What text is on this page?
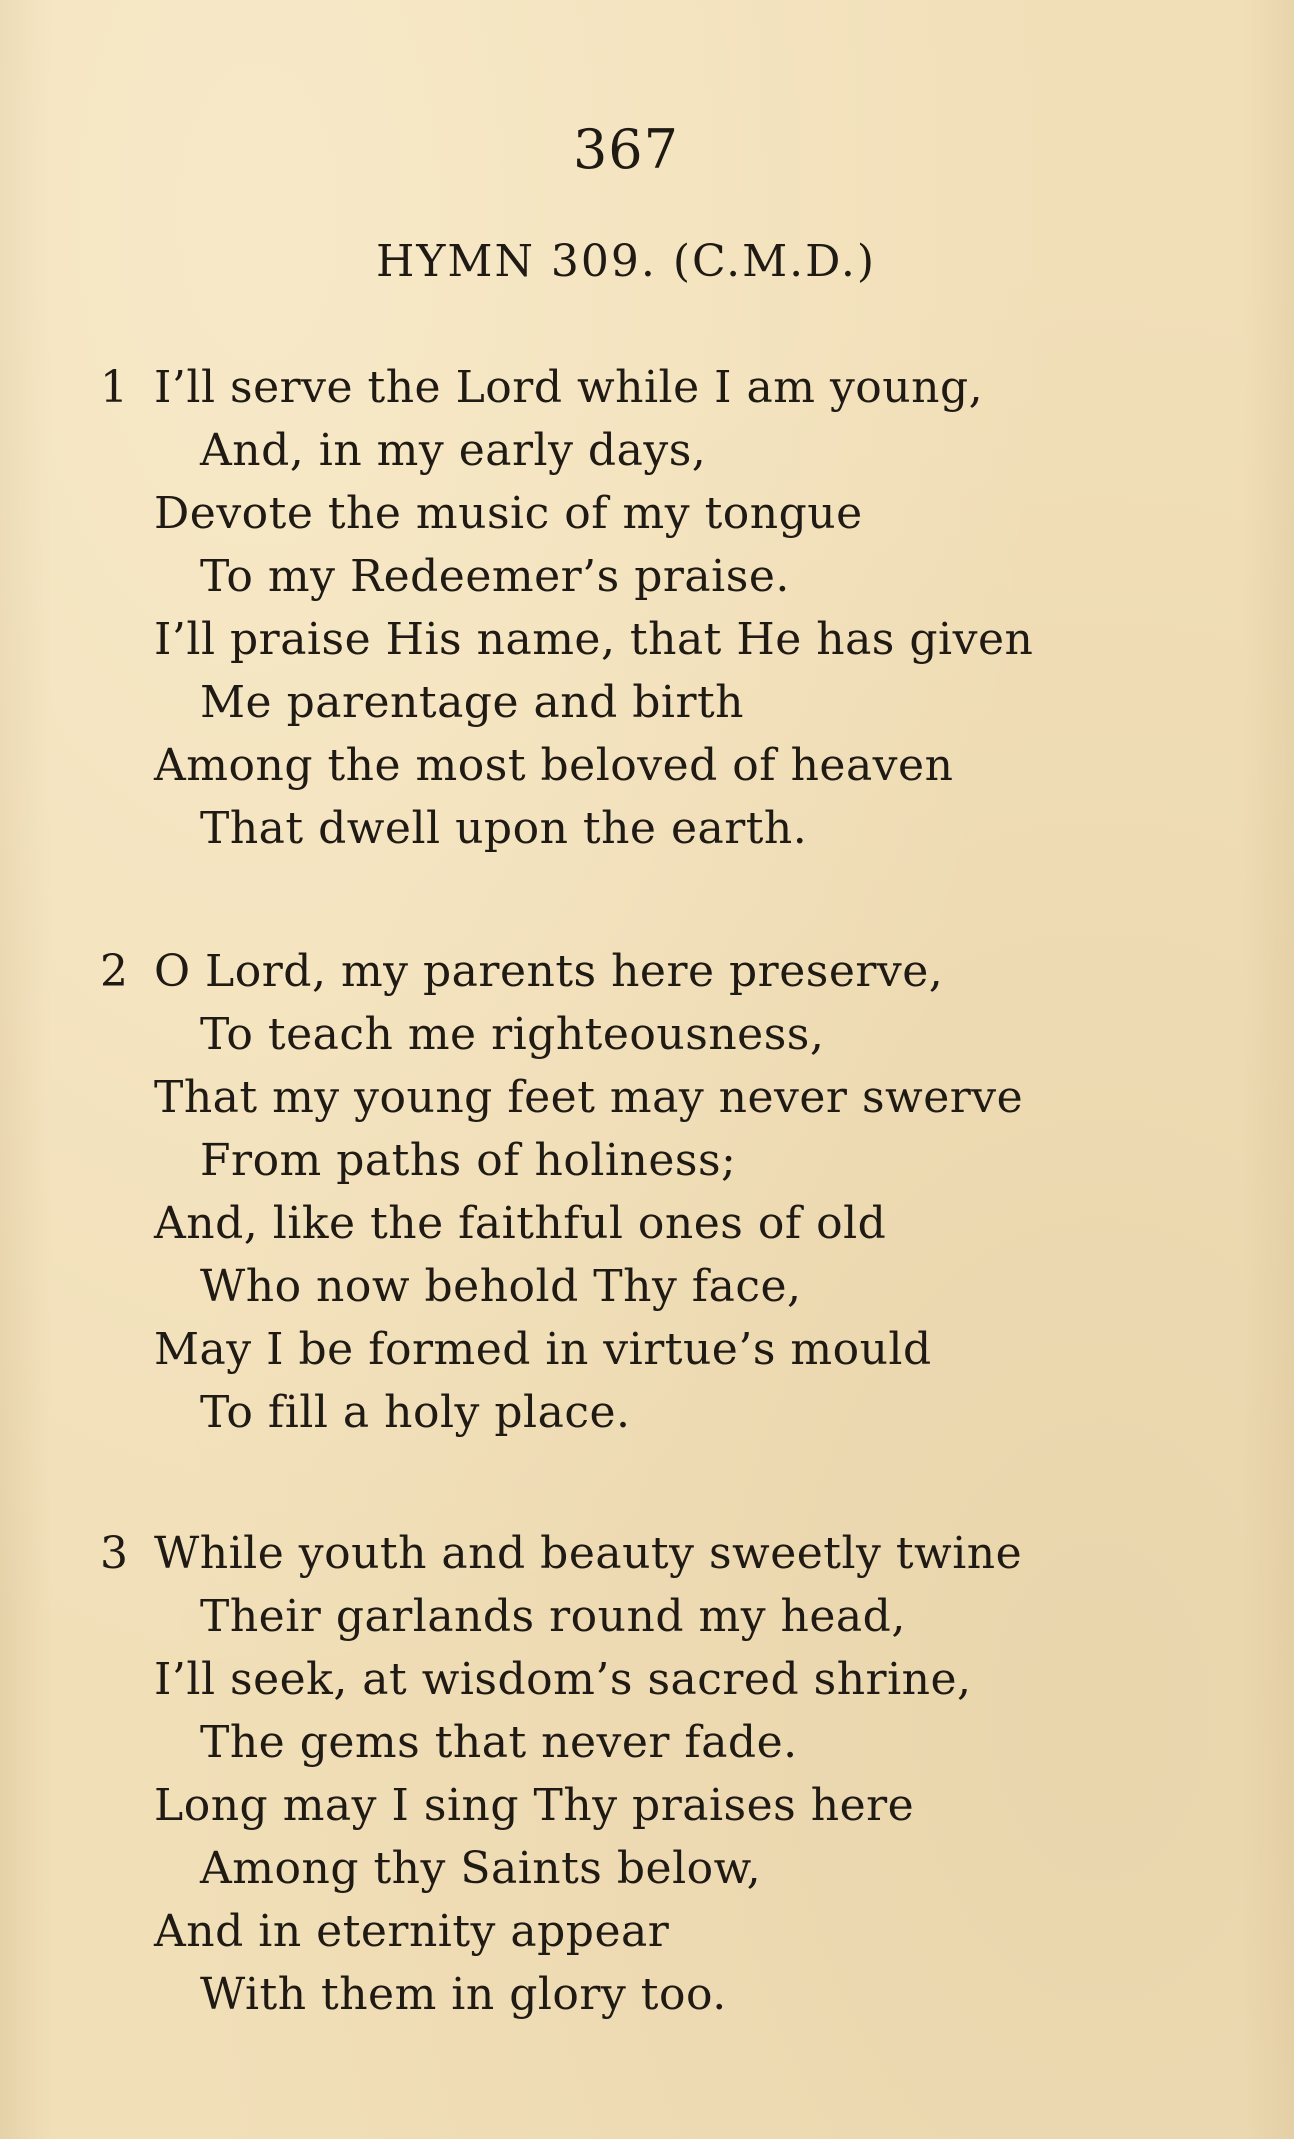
367
HYMN 309. (C.M.D.)
1 I’ll serve the Lord while I am young,
And, in my early days,
Devote the music of my tongue
To my Redeemer’s praise.
I’ll praise His name, that He has given
Me parentage and birth
Among the most beloved of heaven
That dwell upon the earth.
2 O Lord, my parents here preserve,
To teach me righteousness,
That my young feet may never swerve
From paths of holiness;
And, like the faithful ones of old
Who now behold Thy face,
May I be formed in virtue’s mould
To fill a holy place.
3 While youth and beauty sweetly twine
Their garlands round my head,
I’ll seek, at wisdom’s sacred shrine,
The gems that never fade.
Long may I sing Thy praises here
Among thy Saints below,
And in eternity appear
With them in glory too.
